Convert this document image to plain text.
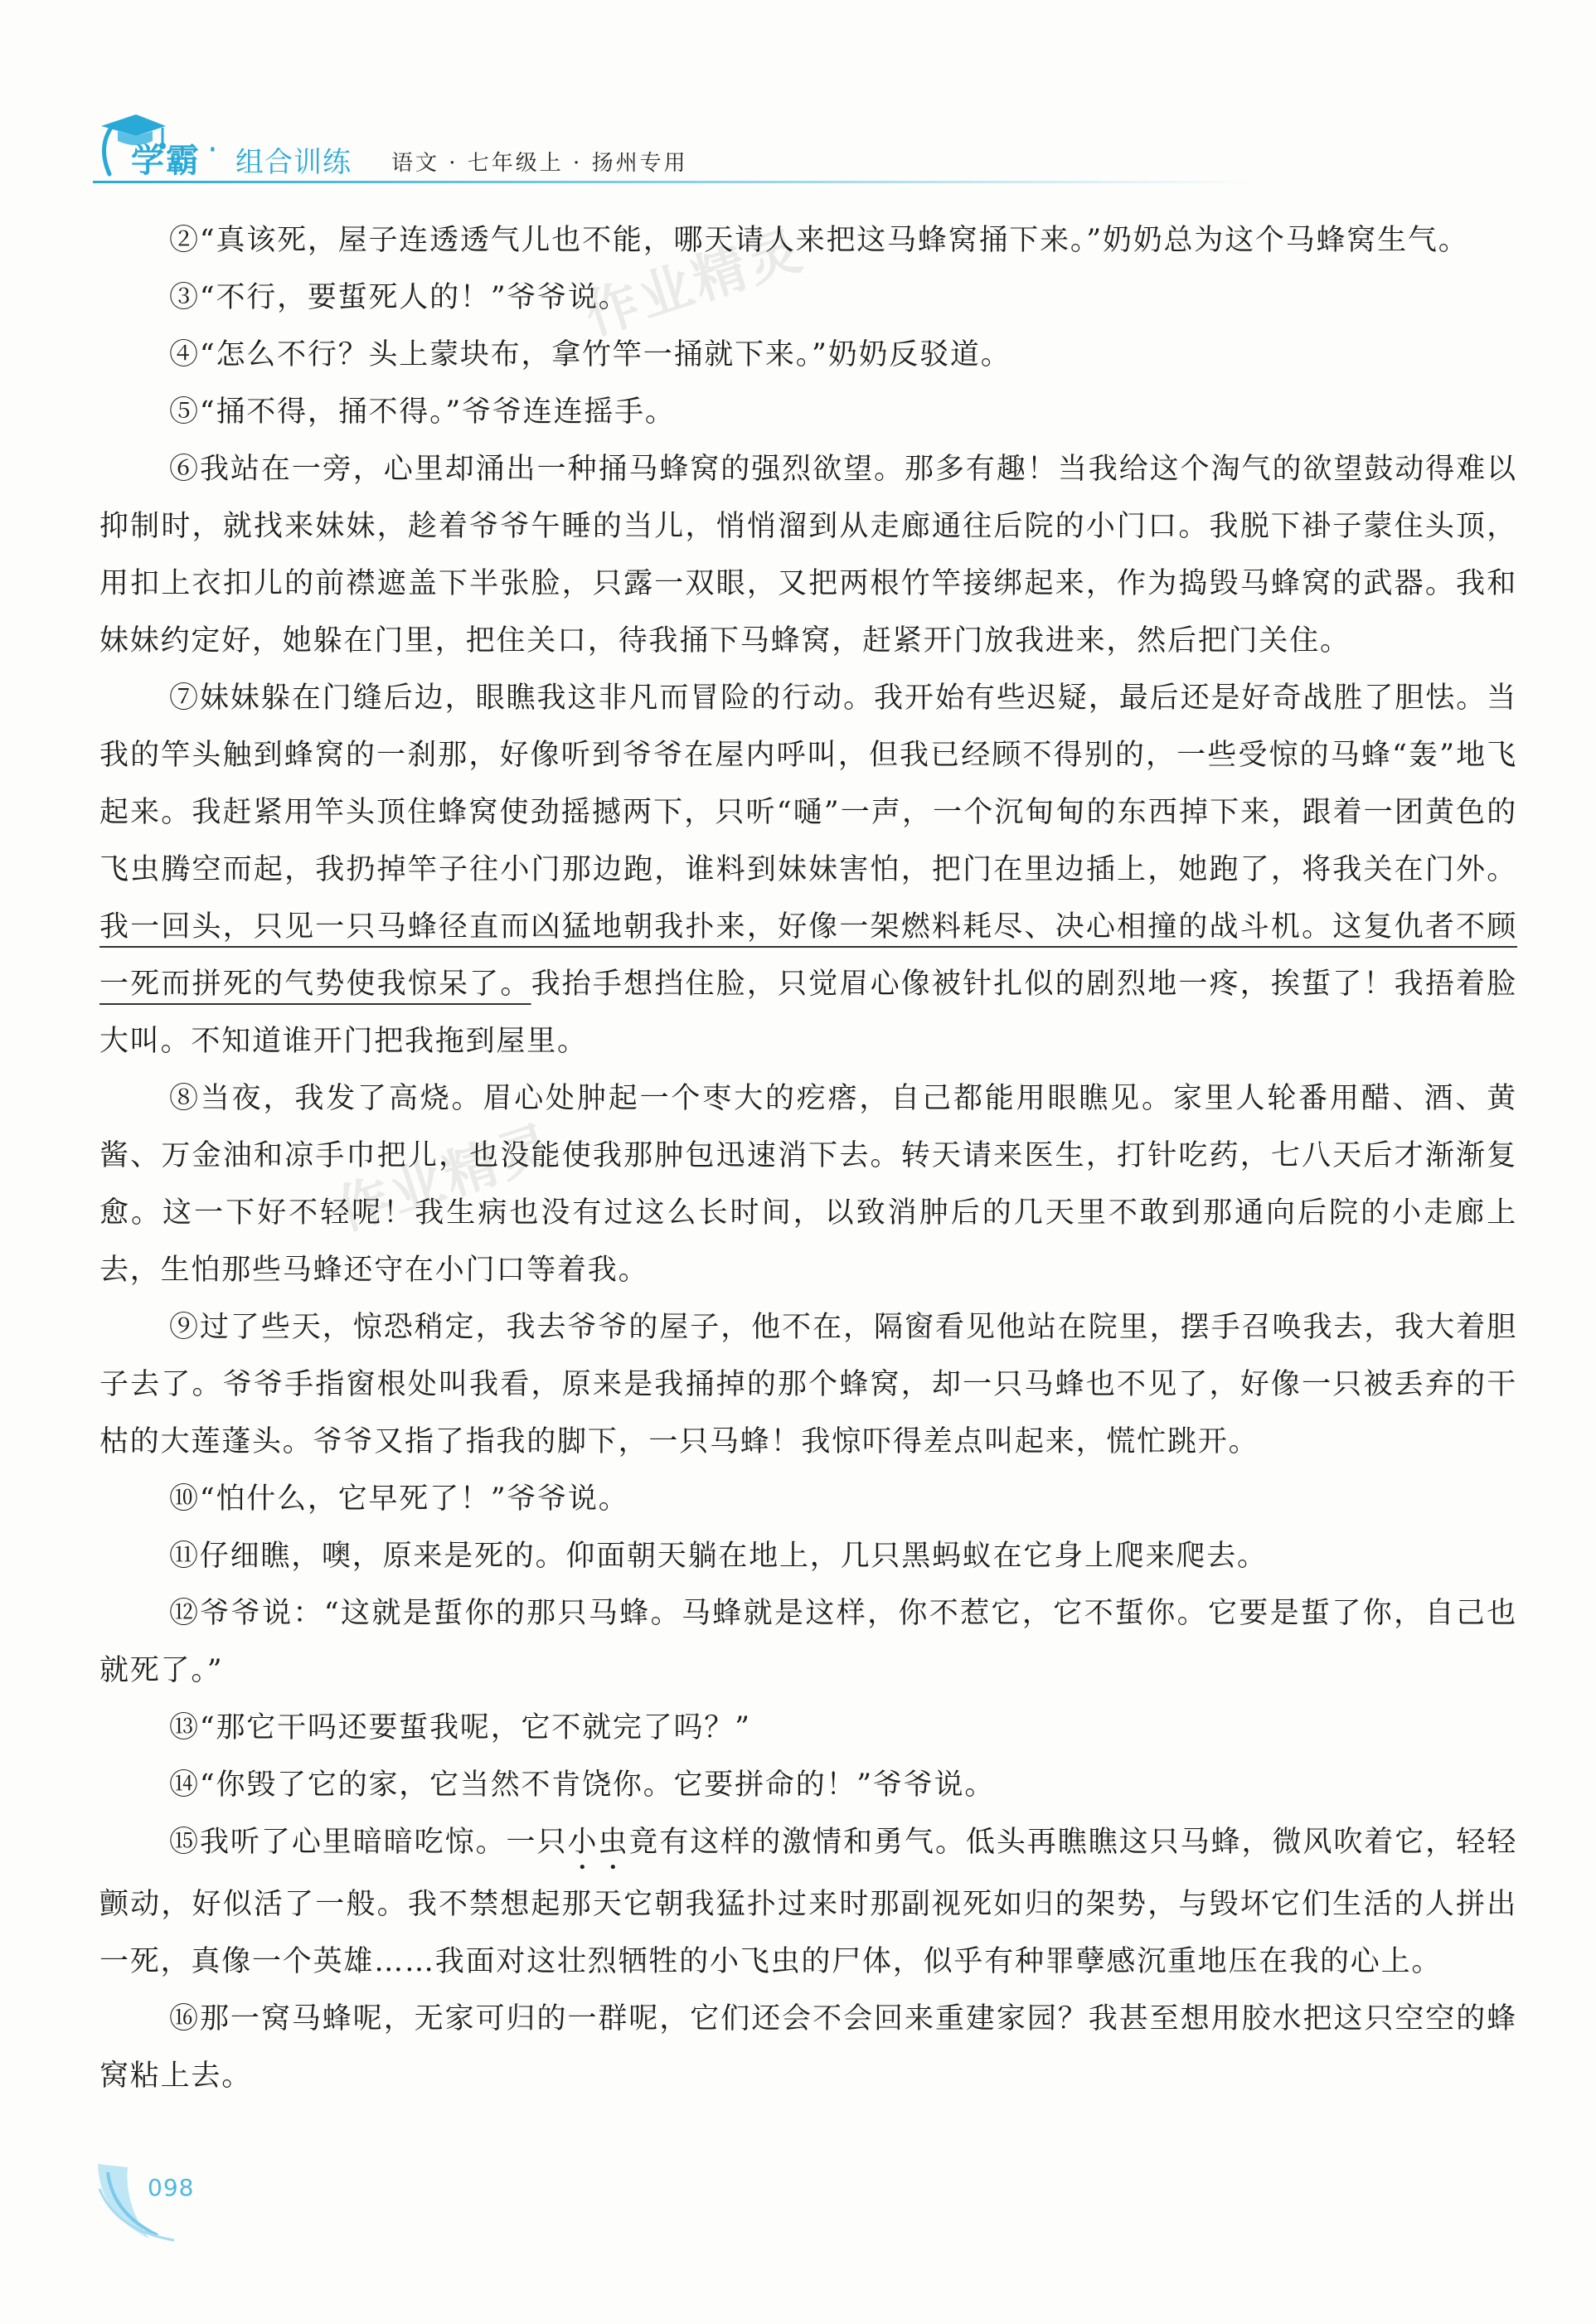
学霸 · 组合训练 语文 · 七年级上 · 扬州专用
作业精灵
作业精灵

②“真该死，屋子连透透气儿也不能，哪天请人来把这马蜂窝捅下来。”奶奶总为这个马蜂窝生气。

③“不行，要蜇死人的！”爷爷说。

④“怎么不行？头上蒙块布，拿竹竿一捅就下来。”奶奶反驳道。

⑤“捅不得，捅不得。”爷爷连连摇手。

⑥我站在一旁，心里却涌出一种捅马蜂窝的强烈欲望。那多有趣！当我给这个淘气的欲望鼓动得难以抑制时，就找来妹妹，趁着爷爷午睡的当儿，悄悄溜到从走廊通往后院的小门口。我脱下褂子蒙住头顶，用扣上衣扣儿的前襟遮盖下半张脸，只露一双眼，又把两根竹竿接绑起来，作为捣毁马蜂窝的武器。我和妹妹约定好，她躲在门里，把住关口，待我捅下马蜂窝，赶紧开门放我进来，然后把门关住。

⑦妹妹躲在门缝后边，眼瞧我这非凡而冒险的行动。我开始有些迟疑，最后还是好奇战胜了胆怯。当我的竿头触到蜂窝的一刹那，好像听到爷爷在屋内呼叫，但我已经顾不得别的，一些受惊的马蜂“轰”地飞起来。我赶紧用竿头顶住蜂窝使劲摇撼两下，只听“嗵”一声，一个沉甸甸的东西掉下来，跟着一团黄色的飞虫腾空而起，我扔掉竿子往小门那边跑，谁料到妹妹害怕，把门在里边插上，她跑了，将我关在门外。我一回头，只见一只马蜂径直而凶猛地朝我扑来，好像一架燃料耗尽、决心相撞的战斗机。这复仇者不顾一死而拼死的气势使我惊呆了。我抬手想挡住脸，只觉眉心像被针扎似的剧烈地一疼，挨蜇了！我捂着脸大叫。不知道谁开门把我拖到屋里。

⑧当夜，我发了高烧。眉心处肿起一个枣大的疙瘩，自己都能用眼瞧见。家里人轮番用醋、酒、黄酱、万金油和凉手巾把儿，也没能使我那肿包迅速消下去。转天请来医生，打针吃药，七八天后才渐渐复愈。这一下好不轻呢！我生病也没有过这么长时间，以致消肿后的几天里不敢到那通向后院的小走廊上去，生怕那些马蜂还守在小门口等着我。

⑨过了些天，惊恐稍定，我去爷爷的屋子，他不在，隔窗看见他站在院里，摆手召唤我去，我大着胆子去了。爷爷手指窗根处叫我看，原来是我捅掉的那个蜂窝，却一只马蜂也不见了，好像一只被丢弃的干枯的大莲蓬头。爷爷又指了指我的脚下，一只马蜂！我惊吓得差点叫起来，慌忙跳开。

⑩“怕什么，它早死了！”爷爷说。

⑪仔细瞧，噢，原来是死的。仰面朝天躺在地上，几只黑蚂蚁在它身上爬来爬去。

⑫爷爷说：“这就是蜇你的那只马蜂。马蜂就是这样，你不惹它，它不蜇你。它要是蜇了你，自己也就死了。”

⑬“那它干吗还要蜇我呢，它不就完了吗？”

⑭“你毁了它的家，它当然不肯饶你。它要拼命的！”爷爷说。

⑮我听了心里暗暗吃惊。一只小虫竟有这样的激情和勇气。低头再瞧瞧这只马蜂，微风吹着它，轻轻颤动，好似活了一般。我不禁想起那天它朝我猛扑过来时那副视死如归的架势，与毁坏它们生活的人拼出一死，真像一个英雄……我面对这壮烈牺牲的小飞虫的尸体，似乎有种罪孽感沉重地压在我的心上。

⑯那一窝马蜂呢，无家可归的一群呢，它们还会不会回来重建家园？我甚至想用胶水把这只空空的蜂窝粘上去。

098
